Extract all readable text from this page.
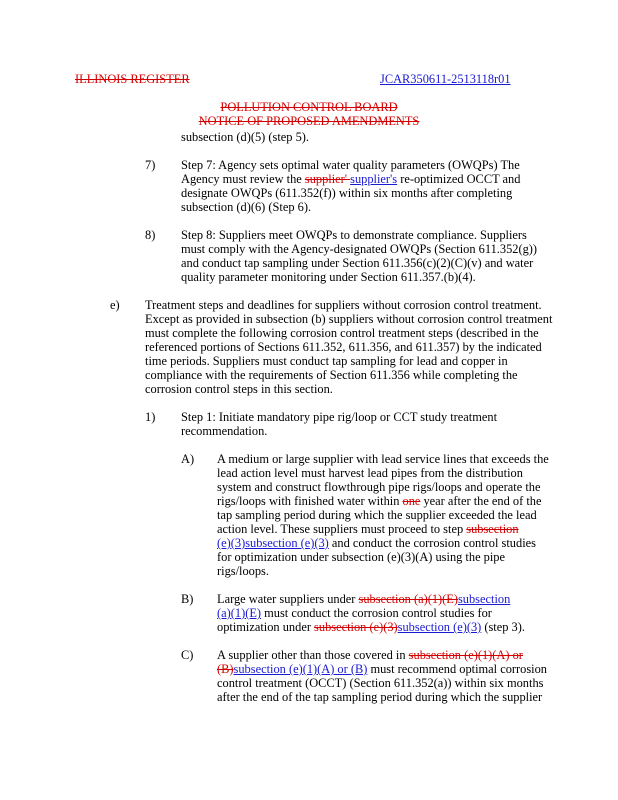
ILLINOIS REGISTER	JCAR350611-2513118r01
POLLUTION CONTROL BOARD
NOTICE OF PROPOSED AMENDMENTS
subsection (d)(5) (step 5).
7) Step 7: Agency sets optimal water quality parameters (OWQPs) The
Agency must review the supplier' supplier's re-optimized OCCT and
designate OWQPs (611.352(f)) within six months after completing
subsection (d)(6) (Step 6).
8) Step 8: Suppliers meet OWQPs to demonstrate compliance. Suppliers
must comply with the Agency-designated OWQPs (Section 611.352(g))
and conduct tap sampling under Section 611.356(c)(2)(C)(v) and water
quality parameter monitoring under Section 611.357.(b)(4).
e) Treatment steps and deadlines for suppliers without corrosion control treatment.
Except as provided in subsection (b) suppliers without corrosion control treatment
must complete the following corrosion control treatment steps (described in the
referenced portions of Sections 611.352, 611.356, and 611.357) by the indicated
time periods. Suppliers must conduct tap sampling for lead and copper in
compliance with the requirements of Section 611.356 while completing the
corrosion control steps in this section.
1) Step 1: Initiate mandatory pipe rig/loop or CCT study treatment
recommendation.
A) A medium or large supplier with lead service lines that exceeds the
lead action level must harvest lead pipes from the distribution
system and construct flowthrough pipe rigs/loops and operate the
rigs/loops with finished water within one year after the end of the
tap sampling period during which the supplier exceeded the lead
action level. These suppliers must proceed to step subsection
(e)(3)subsection (e)(3) and conduct the corrosion control studies
for optimization under subsection (e)(3)(A) using the pipe
rigs/loops.
B) Large water suppliers under subsection (a)(1)(E)subsection
(a)(1)(E) must conduct the corrosion control studies for
optimization under subsection (e)(3)subsection (e)(3) (step 3).
C) A supplier other than those covered in subsection (e)(1)(A) or
(B)subsection (e)(1)(A) or (B) must recommend optimal corrosion
control treatment (OCCT) (Section 611.352(a)) within six months
after the end of the tap sampling period during which the supplier
